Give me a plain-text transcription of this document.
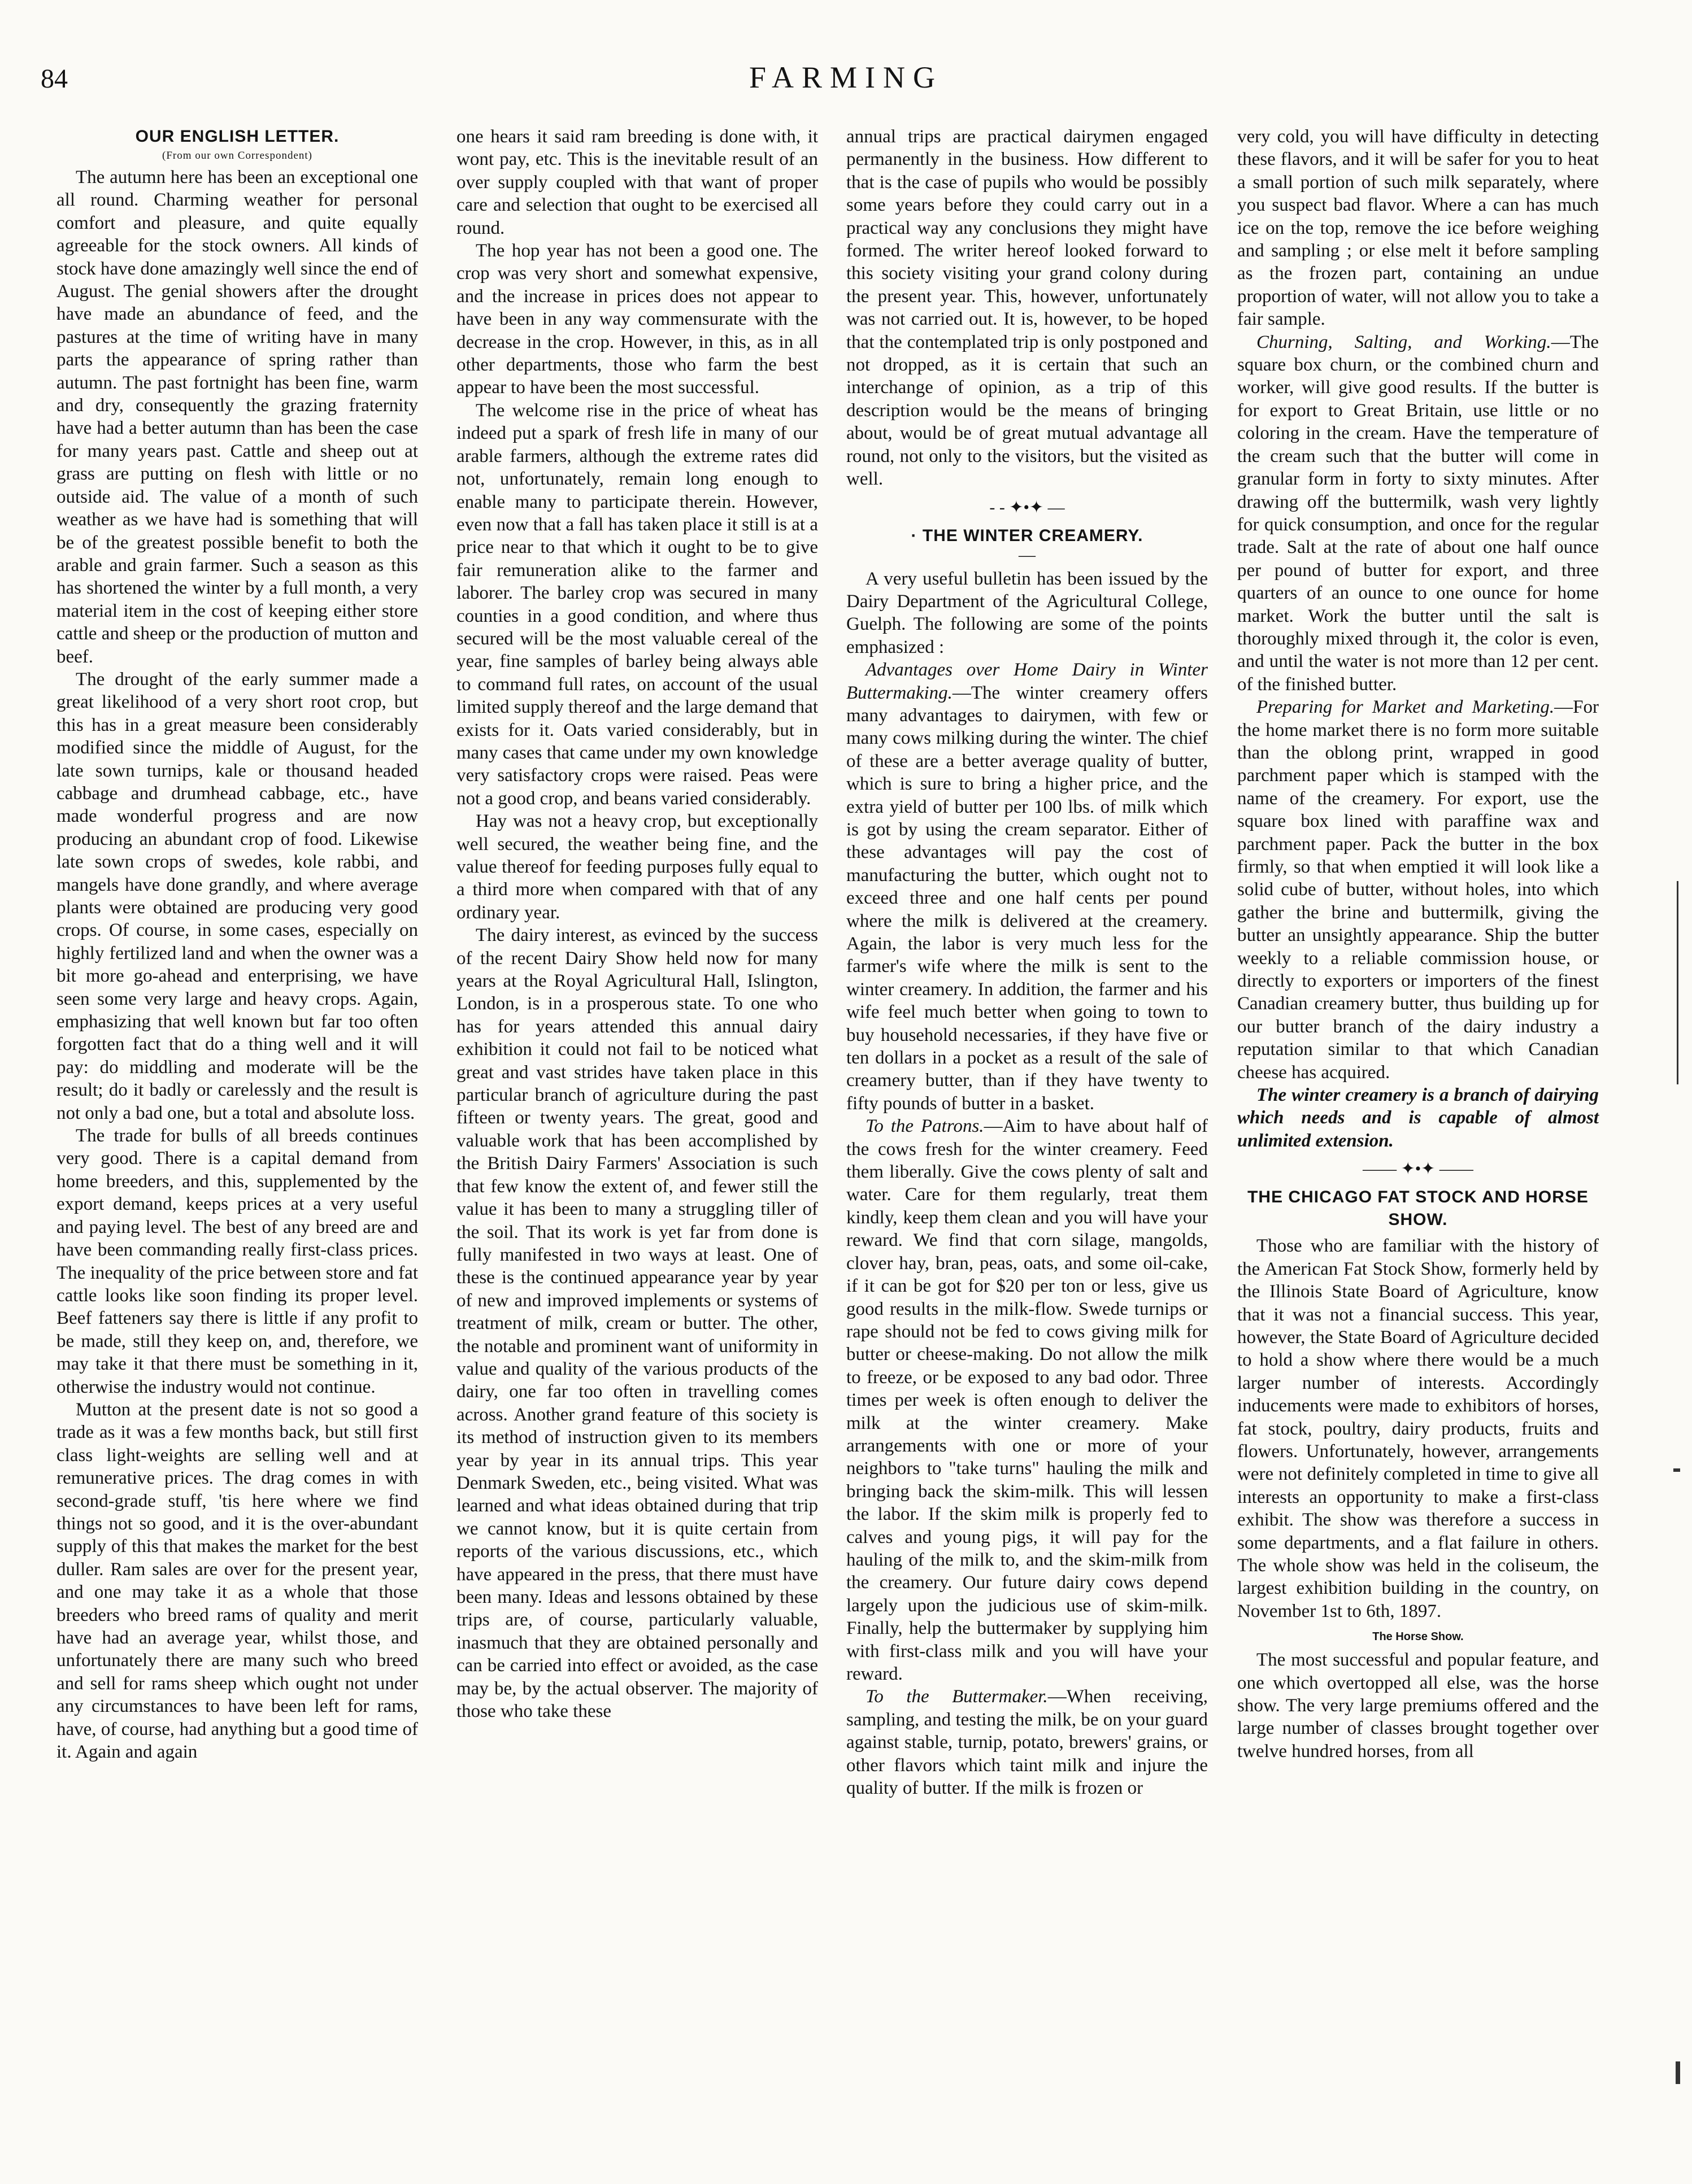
84	FARMING
OUR ENGLISH LETTER.
(From our own Correspondent)

The autumn here has been an exceptional one all round. Charming weather for personal comfort and pleasure, and quite equally agreeable for the stock owners. All kinds of stock have done amazingly well since the end of August. The genial showers after the drought have made an abundance of feed, and the pastures at the time of writing have in many parts the appearance of spring rather than autumn. The past fortnight has been fine, warm and dry, consequently the grazing fraternity have had a better autumn than has been the case for many years past. Cattle and sheep out at grass are putting on flesh with little or no outside aid. The value of a month of such weather as we have had is something that will be of the greatest possible benefit to both the arable and grain farmer. Such a season as this has shortened the winter by a full month, a very material item in the cost of keeping either store cattle and sheep or the production of mutton and beef.

The drought of the early summer made a great likelihood of a very short root crop, but this has in a great measure been considerably modified since the middle of August, for the late sown turnips, kale or thousand headed cabbage and drumhead cabbage, etc., have made wonderful progress and are now producing an abundant crop of food. Likewise late sown crops of swedes, kole rabbi, and mangels have done grandly, and where average plants were obtained are producing very good crops. Of course, in some cases, especially on highly fertilized land and when the owner was a bit more go-ahead and enterprising, we have seen some very large and heavy crops. Again, emphasizing that well known but far too often forgotten fact that do a thing well and it will pay: do middling and moderate will be the result; do it badly or carelessly and the result is not only a bad one, but a total and absolute loss.

The trade for bulls of all breeds continues very good. There is a capital demand from home breeders, and this, supplemented by the export demand, keeps prices at a very useful and paying level. The best of any breed are and have been commanding really first-class prices. The inequality of the price between store and fat cattle looks like soon finding its proper level. Beef fatteners say there is little if any profit to be made, still they keep on, and, therefore, we may take it that there must be something in it, otherwise the industry would not continue.

Mutton at the present date is not so good a trade as it was a few months back, but still first class light-weights are selling well and at remunerative prices. The drag comes in with second-grade stuff, 'tis here where we find things not so good, and it is the over-abundant supply of this that makes the market for the best duller. Ram sales are over for the present year, and one may take it as a whole that those breeders who breed rams of quality and merit have had an average year, whilst those, and unfortunately there are many such who breed and sell for rams sheep which ought not under any circumstances to have been left for rams, have, of course, had anything but a good time of it. Again and again

one hears it said ram breeding is done with, it wont pay, etc. This is the inevitable result of an over supply coupled with that want of proper care and selection that ought to be exercised all round.

The hop year has not been a good one. The crop was very short and somewhat expensive, and the increase in prices does not appear to have been in any way commensurate with the decrease in the crop. However, in this, as in all other departments, those who farm the best appear to have been the most successful.

The welcome rise in the price of wheat has indeed put a spark of fresh life in many of our arable farmers, although the extreme rates did not, unfortunately, remain long enough to enable many to participate therein. However, even now that a fall has taken place it still is at a price near to that which it ought to be to give fair remuneration alike to the farmer and laborer. The barley crop was secured in many counties in a good condition, and where thus secured will be the most valuable cereal of the year, fine samples of barley being always able to command full rates, on account of the usual limited supply thereof and the large demand that exists for it. Oats varied considerably, but in many cases that came under my own knowledge very satisfactory crops were raised. Peas were not a good crop, and beans varied considerably.

Hay was not a heavy crop, but exceptionally well secured, the weather being fine, and the value thereof for feeding purposes fully equal to a third more when compared with that of any ordinary year.

The dairy interest, as evinced by the success of the recent Dairy Show held now for many years at the Royal Agricultural Hall, Islington, London, is in a prosperous state. To one who has for years attended this annual dairy exhibition it could not fail to be noticed what great and vast strides have taken place in this particular branch of agriculture during the past fifteen or twenty years. The great, good and valuable work that has been accomplished by the British Dairy Farmers' Association is such that few know the extent of, and fewer still the value it has been to many a struggling tiller of the soil. That its work is yet far from done is fully manifested in two ways at least. One of these is the continued appearance year by year of new and improved implements or systems of treatment of milk, cream or butter. The other, the notable and prominent want of uniformity in value and quality of the various products of the dairy, one far too often in travelling comes across. Another grand feature of this society is its method of instruction given to its members year by year in its annual trips. This year Denmark Sweden, etc., being visited. What was learned and what ideas obtained during that trip we cannot know, but it is quite certain from reports of the various discussions, etc., which have appeared in the press, that there must have been many. Ideas and lessons obtained by these trips are, of course, particularly valuable, inasmuch that they are obtained personally and can be carried into effect or avoided, as the case may be, by the actual observer. The majority of those who take these

annual trips are practical dairymen engaged permanently in the business. How different to that is the case of pupils who would be possibly some years before they could carry out in a practical way any conclusions they might have formed. The writer hereof looked forward to this society visiting your grand colony during the present year. This, however, unfortunately was not carried out. It is, however, to be hoped that the contemplated trip is only postponed and not dropped, as it is certain that such an interchange of opinion, as a trip of this description would be the means of bringing about, would be of great mutual advantage all round, not only to the visitors, but the visited as well.

- - ✦•✦ —
· THE WINTER CREAMERY.
—

A very useful bulletin has been issued by the Dairy Department of the Agricultural College, Guelph. The following are some of the points emphasized :

Advantages over Home Dairy in Winter Buttermaking.—The winter creamery offers many advantages to dairymen, with few or many cows milking during the winter. The chief of these are a better average quality of butter, which is sure to bring a higher price, and the extra yield of butter per 100 lbs. of milk which is got by using the cream separator. Either of these advantages will pay the cost of manufacturing the butter, which ought not to exceed three and one half cents per pound where the milk is delivered at the creamery. Again, the labor is very much less for the farmer's wife where the milk is sent to the winter creamery. In addition, the farmer and his wife feel much better when going to town to buy household necessaries, if they have five or ten dollars in a pocket as a result of the sale of creamery butter, than if they have twenty to fifty pounds of butter in a basket.

To the Patrons.—Aim to have about half of the cows fresh for the winter creamery. Feed them liberally. Give the cows plenty of salt and water. Care for them regularly, treat them kindly, keep them clean and you will have your reward. We find that corn silage, mangolds, clover hay, bran, peas, oats, and some oil-cake, if it can be got for $20 per ton or less, give us good results in the milk-flow. Swede turnips or rape should not be fed to cows giving milk for butter or cheese-making. Do not allow the milk to freeze, or be exposed to any bad odor. Three times per week is often enough to deliver the milk at the winter creamery. Make arrangements with one or more of your neighbors to "take turns" hauling the milk and bringing back the skim-milk. This will lessen the labor. If the skim milk is properly fed to calves and young pigs, it will pay for the hauling of the milk to, and the skim-milk from the creamery. Our future dairy cows depend largely upon the judicious use of skim-milk. Finally, help the buttermaker by supplying him with first-class milk and you will have your reward.

To the Buttermaker.—When receiving, sampling, and testing the milk, be on your guard against stable, turnip, potato, brewers' grains, or other flavors which taint milk and injure the quality of butter. If the milk is frozen or

very cold, you will have difficulty in detecting these flavors, and it will be safer for you to heat a small portion of such milk separately, where you suspect bad flavor. Where a can has much ice on the top, remove the ice before weighing and sampling ; or else melt it before sampling as the frozen part, containing an undue proportion of water, will not allow you to take a fair sample.

Churning, Salting, and Working.—The square box churn, or the combined churn and worker, will give good results. If the butter is for export to Great Britain, use little or no coloring in the cream. Have the temperature of the cream such that the butter will come in granular form in forty to sixty minutes. After drawing off the buttermilk, wash very lightly for quick consumption, and once for the regular trade. Salt at the rate of about one half ounce per pound of butter for export, and three quarters of an ounce to one ounce for home market. Work the butter until the salt is thoroughly mixed through it, the color is even, and until the water is not more than 12 per cent. of the finished butter.

Preparing for Market and Marketing.—For the home market there is no form more suitable than the oblong print, wrapped in good parchment paper which is stamped with the name of the creamery. For export, use the square box lined with paraffine wax and parchment paper. Pack the butter in the box firmly, so that when emptied it will look like a solid cube of butter, without holes, into which gather the brine and buttermilk, giving the butter an unsightly appearance. Ship the butter weekly to a reliable commission house, or directly to exporters or importers of the finest Canadian creamery butter, thus building up for our butter branch of the dairy industry a reputation similar to that which Canadian cheese has acquired.

The winter creamery is a branch of dairying which needs and is capable of almost unlimited extension.

—— ✦•✦ ——
THE CHICAGO FAT STOCK AND HORSE SHOW.

Those who are familiar with the history of the American Fat Stock Show, formerly held by the Illinois State Board of Agriculture, know that it was not a financial success. This year, however, the State Board of Agriculture decided to hold a show where there would be a much larger number of interests. Accordingly inducements were made to exhibitors of horses, fat stock, poultry, dairy products, fruits and flowers. Unfortunately, however, arrangements were not definitely completed in time to give all interests an opportunity to make a first-class exhibit. The show was therefore a success in some departments, and a flat failure in others. The whole show was held in the coliseum, the largest exhibition building in the country, on November 1st to 6th, 1897.

The Horse Show.

The most successful and popular feature, and one which overtopped all else, was the horse show. The very large premiums offered and the large number of classes brought together over twelve hundred horses, from all
